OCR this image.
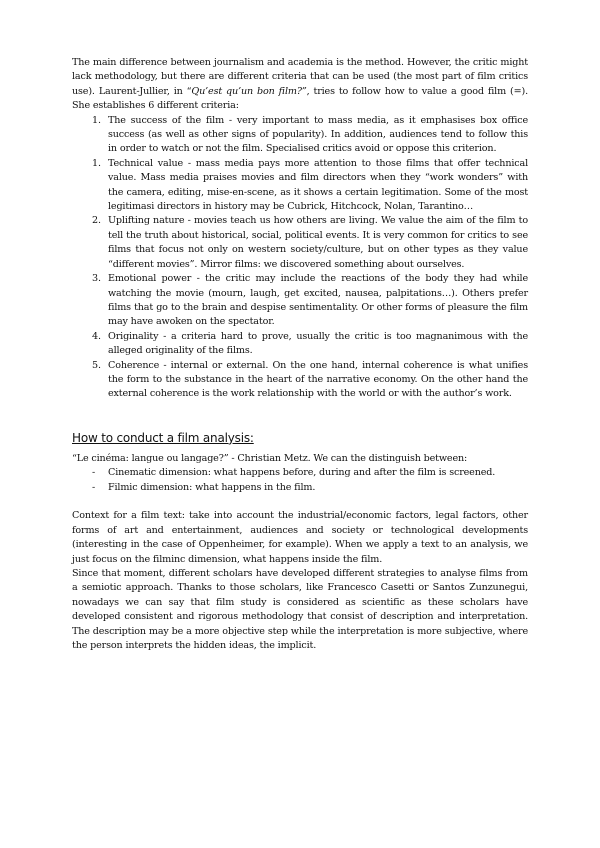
The main difference between journalism and academia is the method. However, the critic might lack methodology, but there are different criteria that can be used (the most part of film critics use). Laurent-Jullier, in “Qu’est qu’un bon film?”, tries to follow how to value a good film (=). She establishes 6 different criteria:

1. The success of the film - very important to mass media, as it emphasises box office success (as well as other signs of popularity). In addition, audiences tend to follow this in order to watch or not the film. Specialised critics avoid or oppose this criterion.
1. Technical value - mass media pays more attention to those films that offer technical value. Mass media praises movies and film directors when they “work wonders” with the camera, editing, mise-en-scene, as it shows a certain legitimation. Some of the most legitimasi directors in history may be Cubrick, Hitchcock, Nolan, Tarantino…
2. Uplifting nature - movies teach us how others are living. We value the aim of the film to tell the truth about historical, social, political events. It is very common for critics to see films that focus not only on western society/culture, but on other types as they value “different movies”. Mirror films: we discovered something about ourselves.
3. Emotional power - the critic may include the reactions of the body they had while watching the movie (mourn, laugh, get excited, nausea, palpitations…). Others prefer films that go to the brain and despise sentimentality. Or other forms of pleasure the film may have awoken on the spectator.
4. Originality - a criteria hard to prove, usually the critic is too magnanimous with the alleged originality of the films.
5. Coherence - internal or external. On the one hand, internal coherence is what unifies the form to the substance in the heart of the narrative economy. On the other hand the external coherence is the work relationship with the world or with the author’s work.
How to conduct a film analysis:

“Le cinéma: langue ou langage?” - Christian Metz. We can the distinguish between:

- Cinematic dimension: what happens before, during and after the film is screened.
- Filmic dimension: what happens in the film.

Context for a film text: take into account the industrial/economic factors, legal factors, other forms of art and entertainment, audiences and society or technological developments (interesting in the case of Oppenheimer, for example). When we apply a text to an analysis, we just focus on the filminc dimension, what happens inside the film.

Since that moment, different scholars have developed different strategies to analyse films from a semiotic approach. Thanks to those scholars, like Francesco Casetti or Santos Zunzunegui, nowadays we can say that film study is considered as scientific as these scholars have developed consistent and rigorous methodology that consist of description and interpretation. The description may be a more objective step while the interpretation is more subjective, where the person interprets the hidden ideas, the implicit.
